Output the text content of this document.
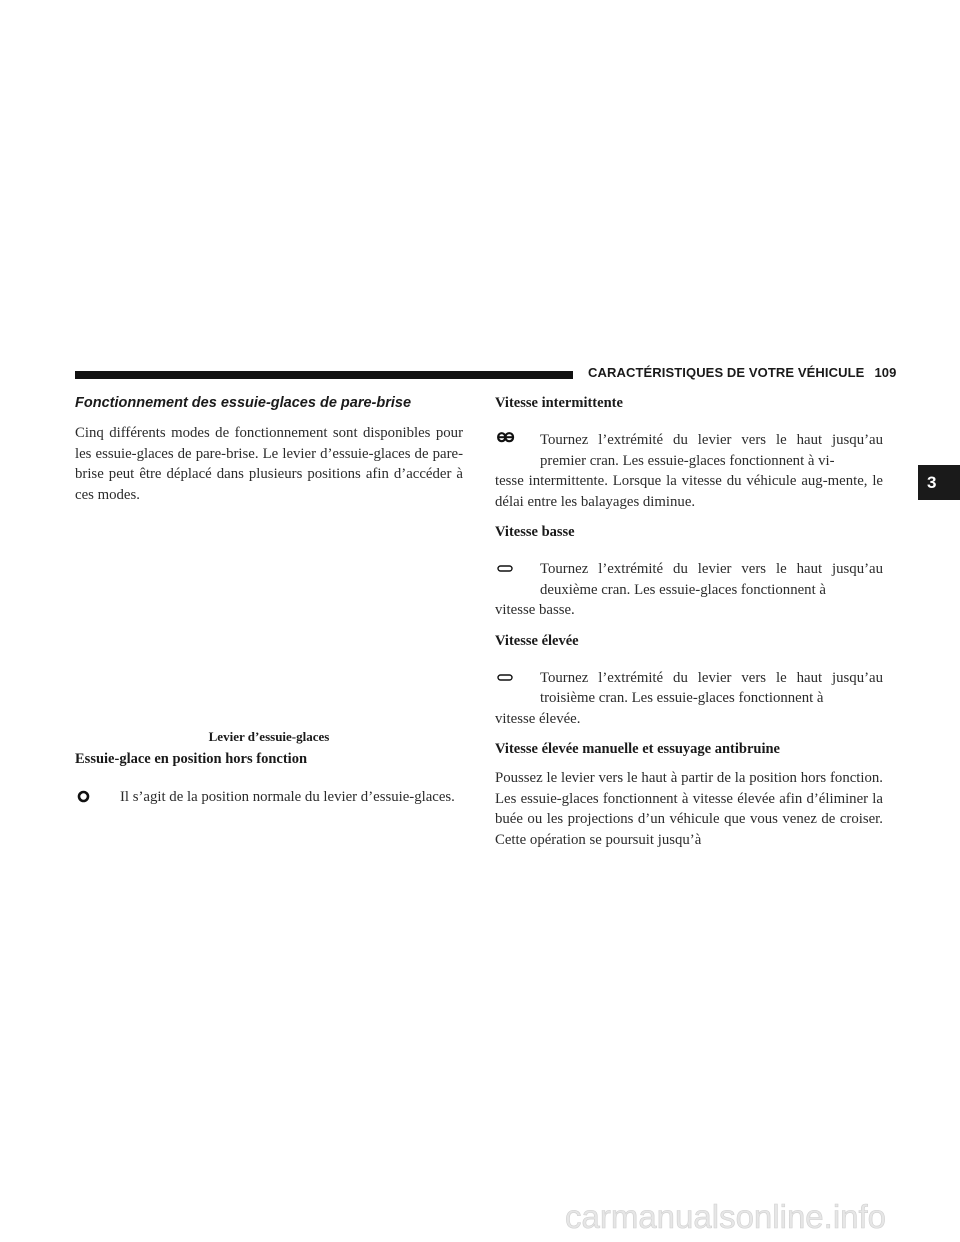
CARACTÉRISTIQUES DE VOTRE VÉHICULE 109
3
Fonctionnement des essuie-glaces de pare-brise

Cinq différents modes de fonctionnement sont disponibles pour les essuie-glaces de pare-brise. Le levier d’essuie-glaces de pare-brise peut être déplacé dans plusieurs positions afin d’accéder à ces modes.

Levier d’essuie-glaces
Essuie-glace en position hors fonction

Il s’agit de la position normale du levier d’essuie-glaces.

Vitesse intermittente

Tournez l’extrémité du levier vers le haut jusqu’au premier cran. Les essuie-glaces fonctionnent à vi-

tesse intermittente. Lorsque la vitesse du véhicule aug-mente, le délai entre les balayages diminue.

Vitesse basse

Tournez l’extrémité du levier vers le haut jusqu’au deuxième cran. Les essuie-glaces fonctionnent à

vitesse basse.

Vitesse élevée

Tournez l’extrémité du levier vers le haut jusqu’au troisième cran. Les essuie-glaces fonctionnent à

vitesse élevée.

Vitesse élevée manuelle et essuyage antibruine

Poussez le levier vers le haut à partir de la position hors fonction. Les essuie-glaces fonctionnent à vitesse élevée afin d’éliminer la buée ou les projections d’un véhicule que vous venez de croiser. Cette opération se poursuit jusqu’à

carmanualsonline.info
